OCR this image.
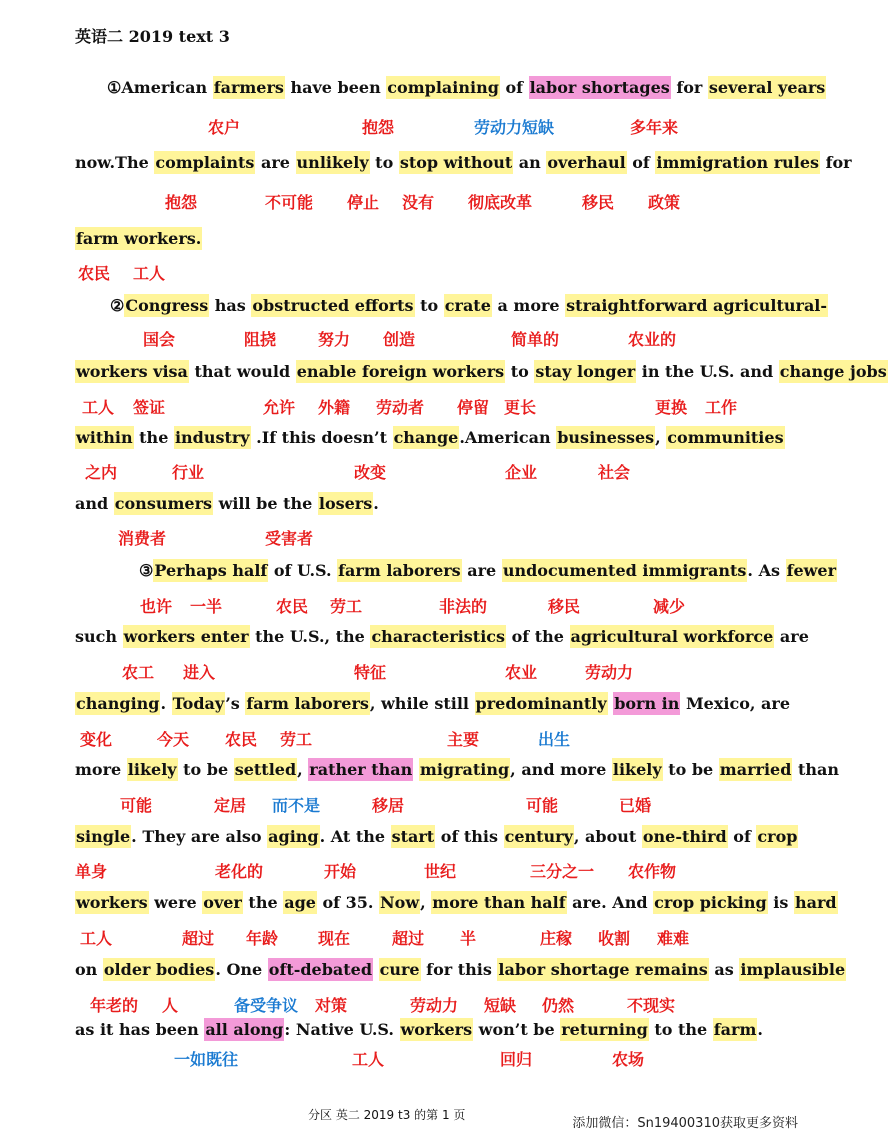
英语二 2019 text 3
①American farmers have been complaining of labor shortages for several years
now.The complaints are unlikely to stop without an overhaul of immigration rules for
farm workers.
②Congress has obstructed efforts to crate a more straightforward agricultural-
workers visa that would enable foreign workers to stay longer in the U.S. and change jobs
within the industry .If this doesn’t change.American businesses, communities
and consumers will be the losers.
③Perhaps half of U.S. farm laborers are undocumented immigrants. As fewer
such workers enter the U.S., the characteristics of the agricultural workforce are
changing. Today’s farm laborers, while still predominantly born in Mexico, are
more likely to be settled, rather than migrating, and more likely to be married than
single. They are also aging. At the start of this century, about one-third of crop
workers were over the age of 35. Now, more than half are. And crop picking is hard
on older bodies. One oft-debated cure for this labor shortage remains as implausible
as it has been all along: Native U.S. workers won’t be returning to the farm.
农户	抱怨	劳动力短缺	多年来
抱怨	不可能 停止 没有 彻底改革	移民 政策
农民 工人
国会	阻挠	努力 创造	简单的	农业的
工人 签证	允许 外籍 劳动者 停留 更长	更换 工作
之内	行业	改变	企业	社会
消费者	受害者
也许 一半	农民 劳工	非法的	移民	减少
农工 进入	特征	农业	劳动力
变化	今天 农民 劳工	主要	出生
可能	定居 而不是	移居	可能	已婚
单身	老化的	开始	世纪	三分之一 农作物
工人	超过 年龄 现在	超过 半	庄稼 收割 难难
年老的 人	备受争议 对策	劳动力 短缺 仍然	不现实
一如既往	工人	回归	农场
分区 英二 2019 t3 的第 1 页
添加微信：Sn19400310获取更多资料
